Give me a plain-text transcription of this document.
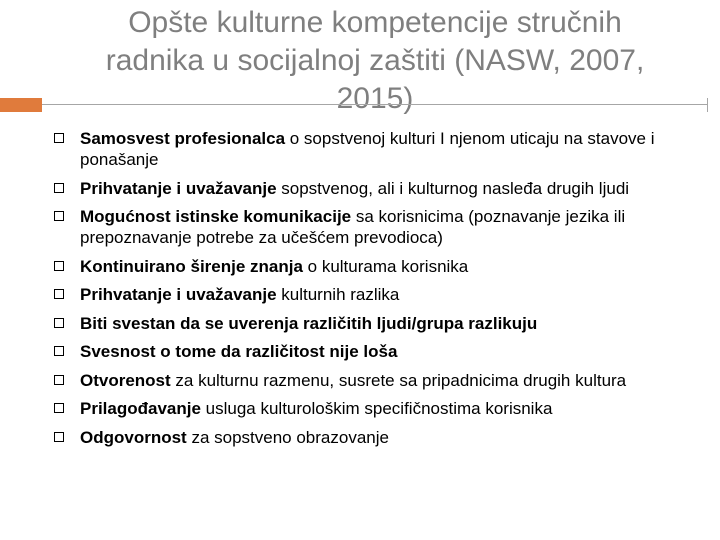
Opšte kulturne kompetencije stručnih
radnika u socijalnoj zaštiti (NASW, 2007,
2015)
Samosvest profesionalca o sopstvenoj kulturi I njenom uticaju na stavove i ponašanje
Prihvatanje i uvažavanje sopstvenog, ali i kulturnog nasleđa drugih ljudi
Mogućnost istinske komunikacije sa korisnicima (poznavanje jezika ili prepoznavanje potrebe za učešćem prevodioca)
Kontinuirano širenje znanja o kulturama korisnika
Prihvatanje i uvažavanje kulturnih razlika
Biti svestan da se uverenja različitih ljudi/grupa razlikuju
Svesnost o tome da različitost nije loša
Otvorenost za kulturnu razmenu, susrete sa pripadnicima drugih kultura
Prilagođavanje usluga kulturološkim specifičnostima korisnika
Odgovornost za sopstveno obrazovanje
